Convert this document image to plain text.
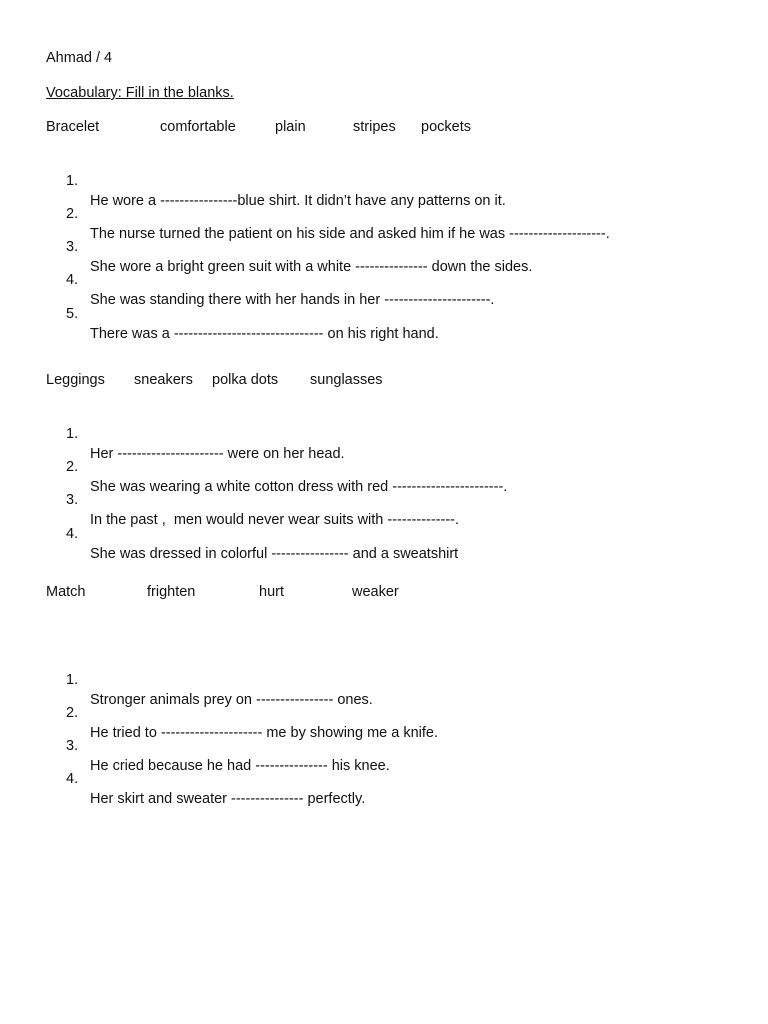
Ahmad / 4
Vocabulary: Fill in the blanks.
Bracelet	comfortable	plain	stripes pockets

1.

He wore a ----------------blue shirt. It didn’t have any patterns on it.

2.

The nurse turned the patient on his side and asked him if he was --------------------.

3.

She wore a bright green suit with a white --------------- down the sides.

4.

She was standing there with her hands in her ----------------------.

5.

There was a ------------------------------- on his right hand.

Leggings sneakers polka dots sunglasses

1.

Her ---------------------- were on her head.

2.

She was wearing a white cotton dress with red -----------------------.

3.

In the past ,  men would never wear suits with --------------.

4.

She was dressed in colorful ---------------- and a sweatshirt

Match	frighten	hurt	weaker

1.

Stronger animals prey on ---------------- ones.

2.

He tried to --------------------- me by showing me a knife.

3.

He cried because he had --------------- his knee.

4.

Her skirt and sweater --------------- perfectly.
